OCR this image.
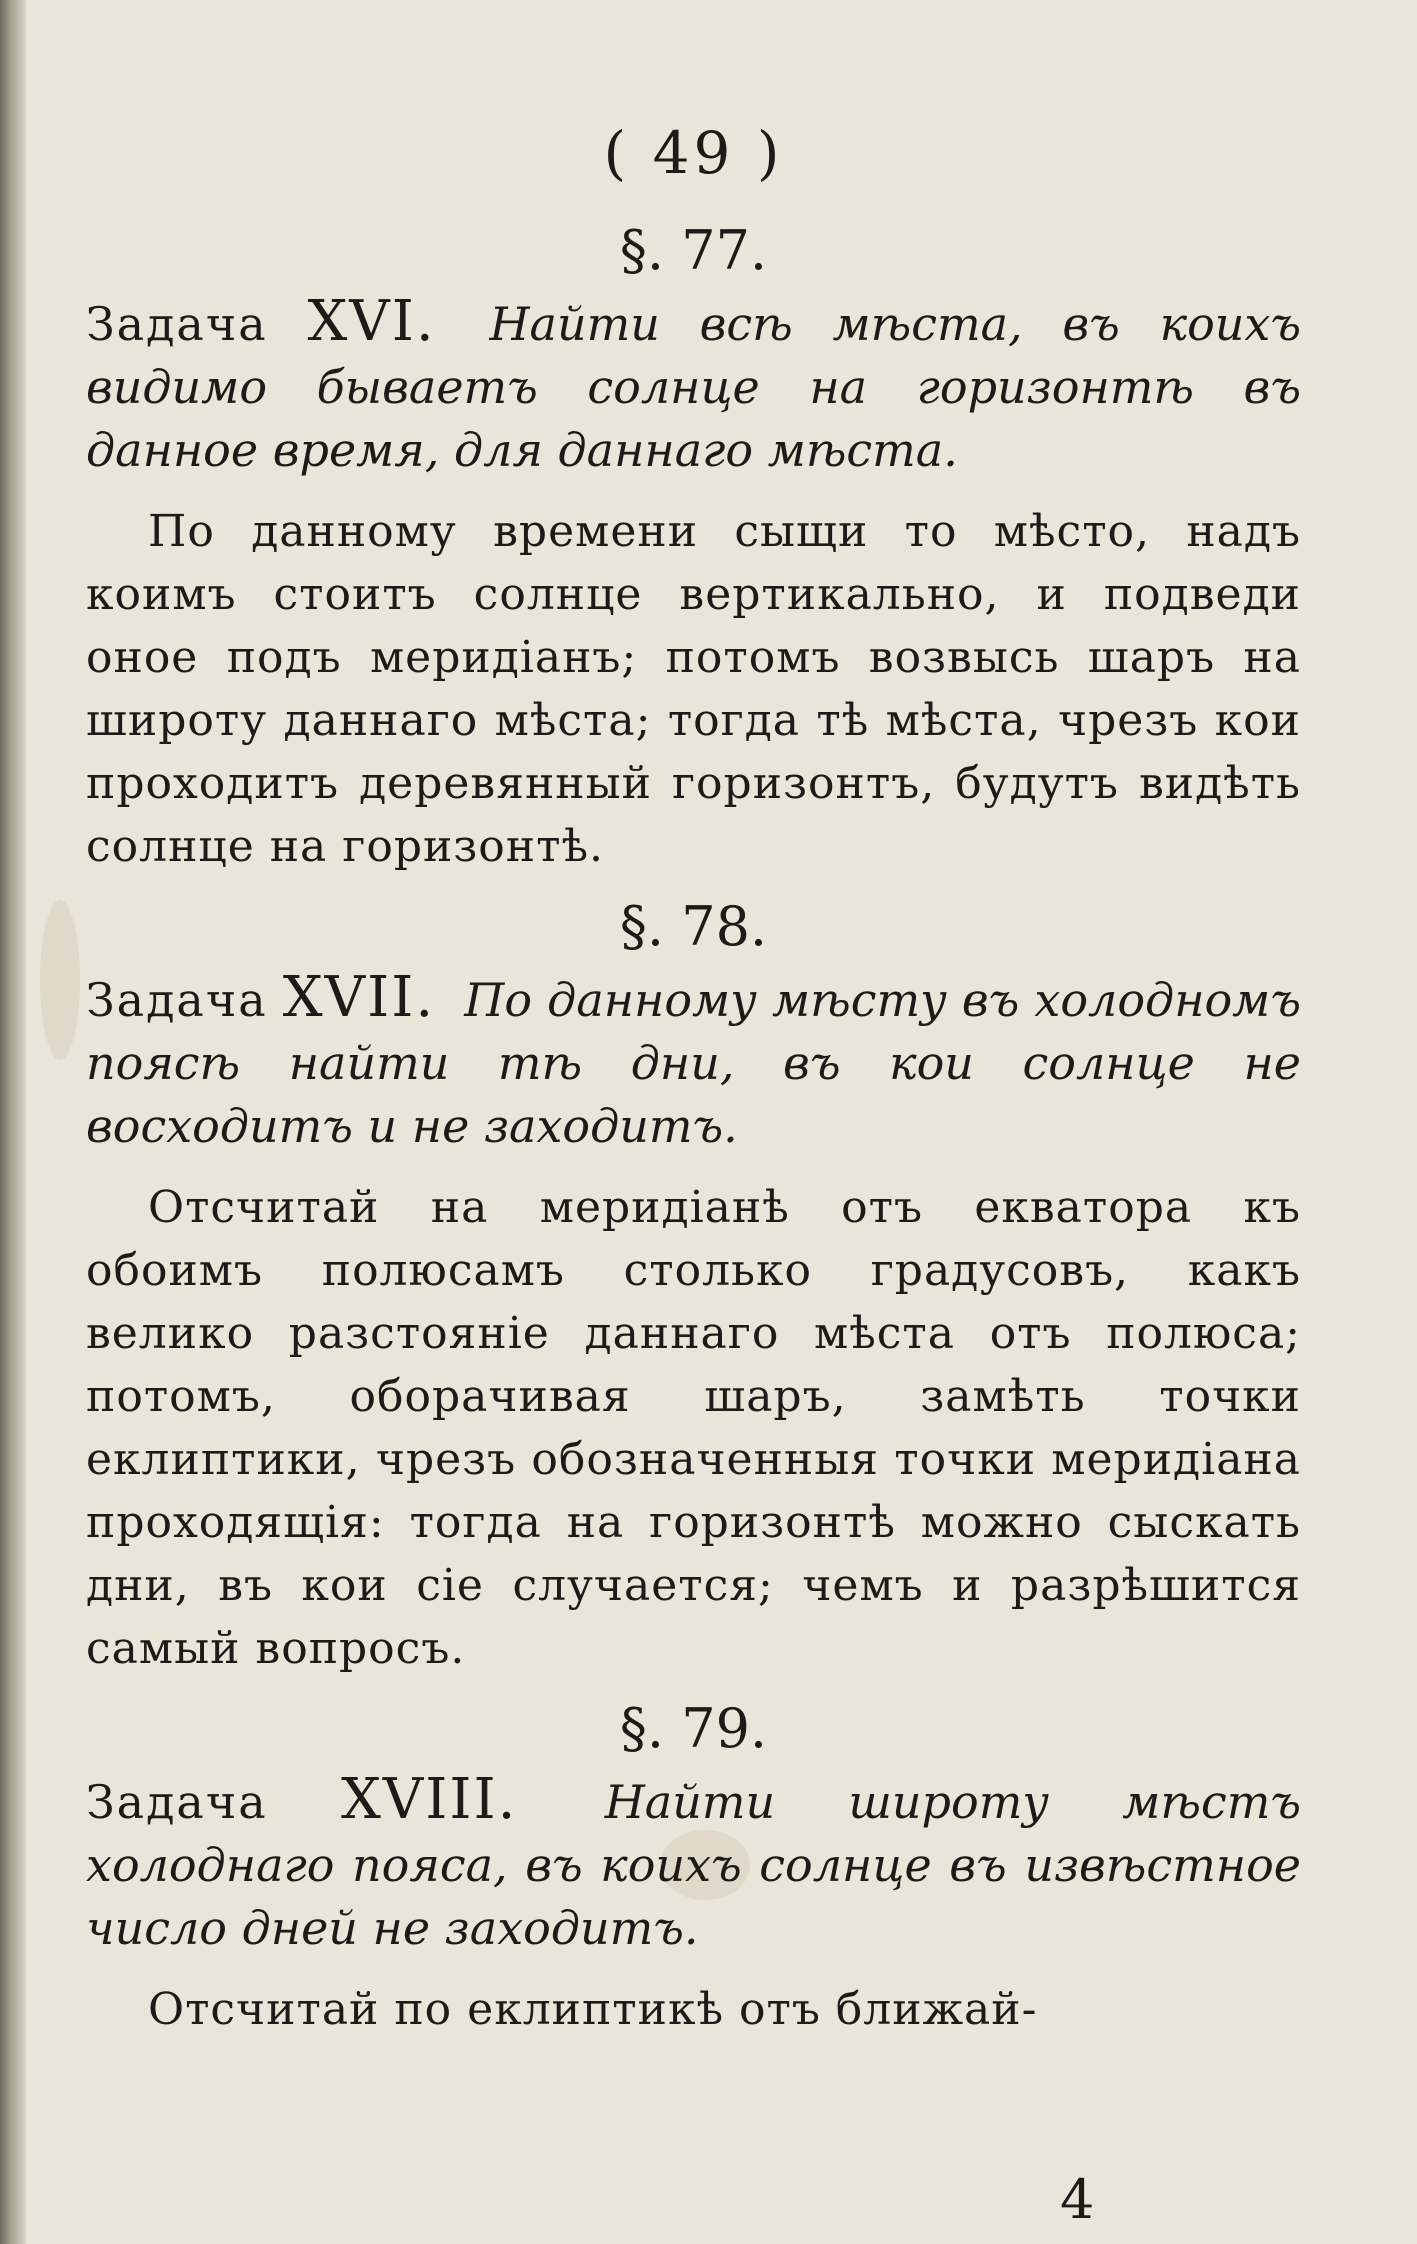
( 49 )
§. 77.

Задача XVI. Найти всѣ мѣста, въ коихъ видимо бываетъ солнце на горизонтѣ въ данное время, для даннаго мѣста.

По данному времени сыщи то мѣсто, надъ коимъ стоитъ солнце вертикально, и подведи оное подъ меридіанъ; потомъ возвысь шаръ на широту даннаго мѣста; тогда тѣ мѣста, чрезъ кои проходитъ деревянный горизонтъ, будутъ видѣть солнце на горизонтѣ.

§. 78.

Задача XVII. По данному мѣсту въ холодномъ поясѣ найти тѣ дни, въ кои солнце не восходитъ и не заходитъ.

Отсчитай на меридіанѣ отъ екватора къ обоимъ полюсамъ столько градусовъ, какъ велико разстояніе даннаго мѣста отъ полюса; потомъ, оборачивая шаръ, замѣть точки еклиптики, чрезъ обозначенныя точки меридіана проходящія: тогда на горизонтѣ можно сыскать дни, въ кои сіе случается; чемъ и разрѣшится самый вопросъ.

§. 79.

Задача XVIII. Найти широту мѣстъ холоднаго пояса, въ коихъ солнце въ извѣстное число дней не заходитъ.

Отсчитай по еклиптикѣ отъ ближай-

4
